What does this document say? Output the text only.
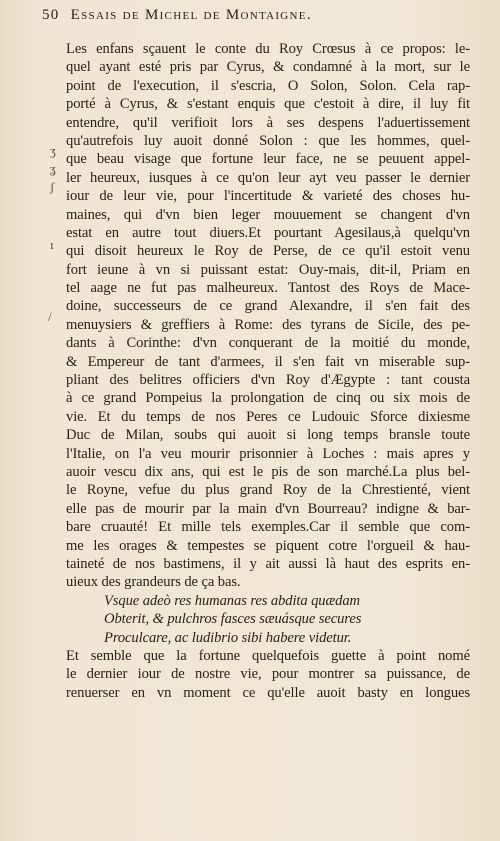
50 Essais de Michel de Montaigne.
ʒ
ʓ
ʃ
ı
/
Les enfans sçauent le conte du Roy Crœsus à ce propos: le-
quel ayant esté pris par Cyrus, & condamné à la mort, sur le
point de l'execution, il s'escria, O Solon, Solon. Cela rap-
porté à Cyrus, & s'estant enquis que c'estoit à dire, il luy fit
entendre, qu'il verifioit lors à ses despens l'aduertissement
qu'autrefois luy auoit donné Solon : que les hommes, quel-
que beau visage que fortune leur face, ne se peuuent appel-
ler heureux, iusques à ce qu'on leur ayt veu passer le dernier
iour de leur vie, pour l'incertitude & varieté des choses hu-
maines, qui d'vn bien leger mouuement se changent d'vn
estat en autre tout diuers.Et pourtant Agesilaus,à quelqu'vn
qui disoit heureux le Roy de Perse, de ce qu'il estoit venu
fort ieune à vn si puissant estat: Ouy-mais, dit-il, Priam en
tel aage ne fut pas malheureux. Tantost des Roys de Mace-
doine, successeurs de ce grand Alexandre, il s'en fait des
menuysiers & greffiers à Rome: des tyrans de Sicile, des pe-
dants à Corinthe: d'vn conquerant de la moitié du monde,
& Empereur de tant d'armees, il s'en fait vn miserable sup-
pliant des belitres officiers d'vn Roy d'Ægypte : tant cousta
à ce grand Pompeius la prolongation de cinq ou six mois de
vie. Et du temps de nos Peres ce Ludouic Sforce dixiesme
Duc de Milan, soubs qui auoit si long temps bransle toute
l'Italie, on l'a veu mourir prisonnier à Loches : mais apres y
auoir vescu dix ans, qui est le pis de son marché.La plus bel-
le Royne, vefue du plus grand Roy de la Chrestienté, vient
elle pas de mourir par la main d'vn Bourreau? indigne & bar-
bare cruauté! Et mille tels exemples.Car il semble que com-
me les orages & tempestes se piquent cotre l'orgueil & hau-
taineté de nos bastimens, il y ait aussi là haut des esprits en-
uieux des grandeurs de ça bas.
Vsque adeò res humanas res abdita quædam
Obterit, & pulchros fasces sæuásque secures
Proculcare, ac ludibrio sibi habere videtur.
Et semble que la fortune quelquefois guette à point nomé
le dernier iour de nostre vie, pour montrer sa puissance, de
renuerser en vn moment ce qu'elle auoit basty en longues
